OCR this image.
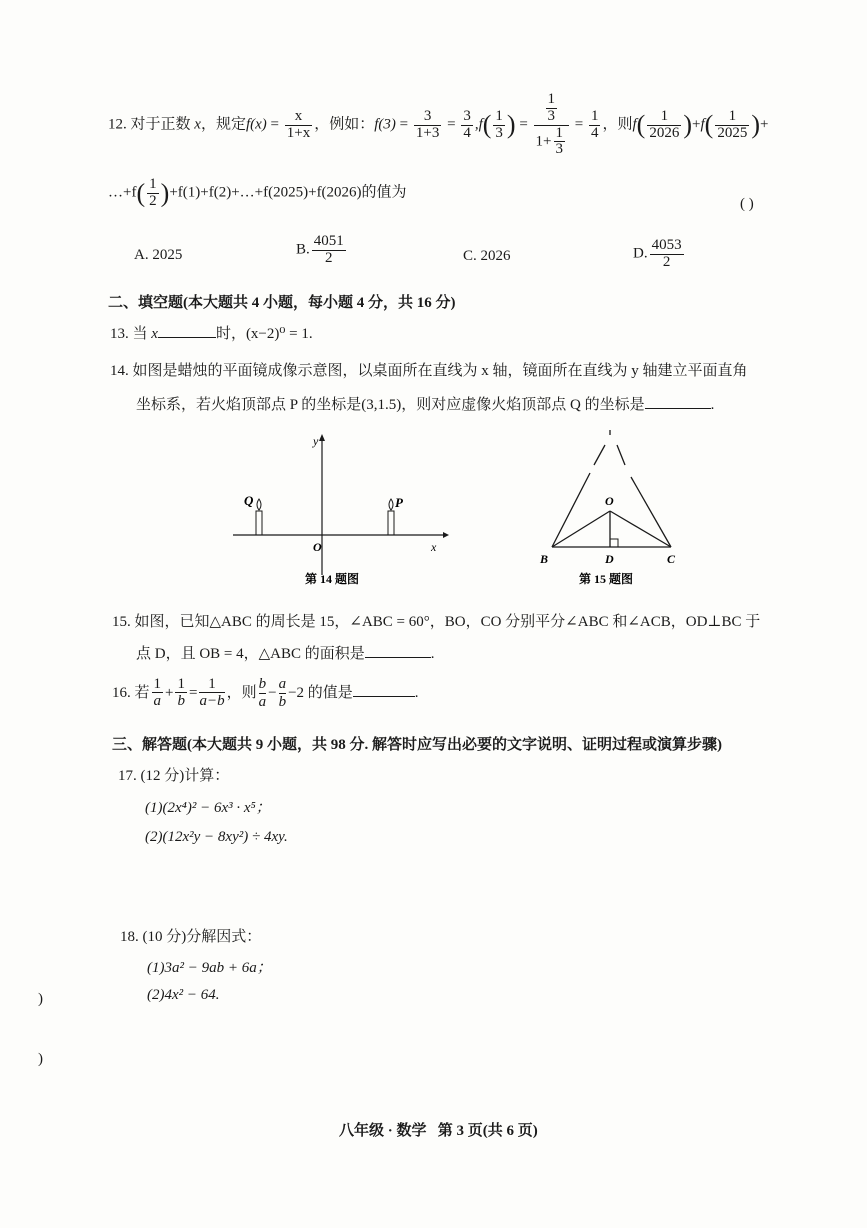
12. 对于正数 x，规定$f(x) = \frac{x}{1+x}$ ，例如：$f(3) = \frac{3}{1+3} = \frac{3}{4} ,f( \frac{1}{3}$ ) = $\frac{\frac{1}{3}}{1+ \frac{1}{3}} = \frac{1}{4}$ ，则$f( \frac{1}{2026} )+f( \frac{1}{2025}$ )+
…+f( $\frac{1}{2}$ )+f(1)+f(2)+…+f(2025)+f(2026)的值为
( )
A. 2025	B. $\frac{4051}{2}$	C. 2026	D. $\frac{4053}{2}$
二、填空题(本大题共 4 小题，每小题 4 分，共 16 分)
13. 当 x	时，(x−2)⁰ = 1.
14. 如图是蜡烛的平面镜成像示意图，以桌面所在直线为 x 轴，镜面所在直线为 y 轴建立平面直角
坐标系，若火焰顶部点 P 的坐标是(3,1.5)，则对应虚像火焰顶部点 Q 的坐标是	.
y
x
O
P
Q
第 14 题图
O
B	C
D
第 15 题图
15. 如图，已知△ABC 的周长是 15，∠ABC = 60°，BO，CO 分别平分∠ABC 和∠ACB，OD⊥BC 于
点 D，且 OB = 4，△ABC 的面积是	.
16. 若 $\frac{1}{a} + \frac{1}{b} = \frac{1}{a-b}$ ，则 $\frac{b}{a} - \frac{a}{b} -2$ 的值是	.
三、解答题(本大题共 9 小题，共 98 分. 解答时应写出必要的文字说明、证明过程或演算步骤)
17. (12 分)计算：
(1)(2x⁴)² − 6x³ · x⁵；
(2)(12x²y − 8xy²) ÷ 4xy.
18. (10 分)分解因式：
(1)3a² − 9ab + 6a；
(2)4x² − 64.
)
)
八年级 · 数学   第 3 页(共 6 页)
